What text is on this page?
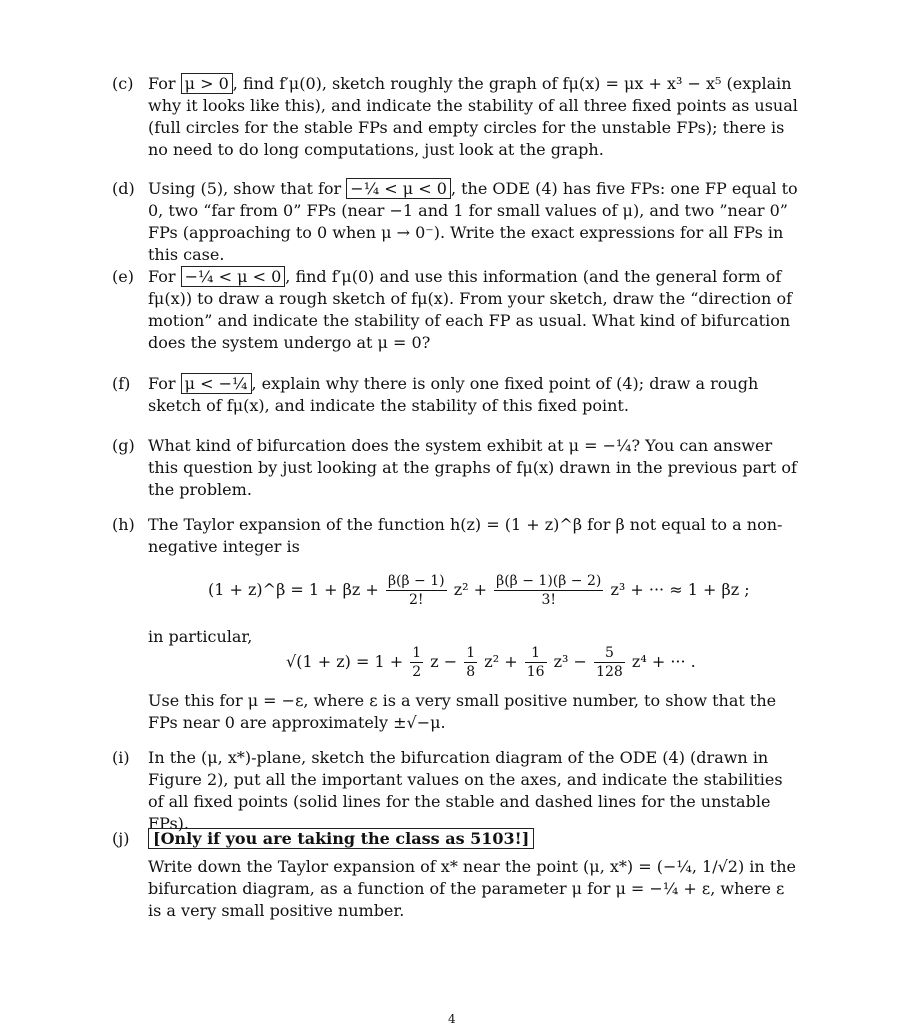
(c) For μ > 0 , find f′μ(0), sketch roughly the graph of fμ(x) = μx + x³ − x⁵ (explain why it looks like this), and indicate the stability of all three fixed points as usual (full circles for the stable FPs and empty circles for the unstable FPs); there is no need to do long computations, just look at the graph.
(d) Using (5), show that for −¼ < μ < 0 , the ODE (4) has five FPs: one FP equal to 0, two “far from 0” FPs (near −1 and 1 for small values of μ), and two ”near 0” FPs (approaching to 0 when μ → 0⁻). Write the exact expressions for all FPs in this case.
(e) For −¼ < μ < 0 , find f′μ(0) and use this information (and the general form of fμ(x)) to draw a rough sketch of fμ(x). From your sketch, draw the “direction of motion” and indicate the stability of each FP as usual. What kind of bifurcation does the system undergo at μ = 0?
(f)	For μ < −¼ , explain why there is only one fixed point of (4); draw a rough sketch of fμ(x), and indicate the stability of this fixed point.
(g) What kind of bifurcation does the system exhibit at μ = −¼? You can answer this question by just looking at the graphs of fμ(x) drawn in the previous part of the problem.
(h) The Taylor expansion of the function h(z) = (1 + z)^β for β not equal to a non-negative integer is
(1 + z)^β = $1 + \beta z + \frac{\beta(\beta - 1)}{2!} z^2 + \frac{\beta(\beta - 1)(\beta - 2)}{3!} z^3$ + ··· ≈ 1 + βz ;
in particular,
$√(1 + z) = 1 + \frac{1}{2}$ $z - \frac{1}{8} z^2 + \frac{1}{16} z^3 - \frac{5}{128} z^4$ + ··· .
Use this for μ = −ε, where ε is a very small positive number, to show that the FPs near 0 are approximately ±√−μ.
(i)	In the (μ, x*)-plane, sketch the bifurcation diagram of the ODE (4) (drawn in Figure 2), put all the important values on the axes, and indicate the stabilities of all fixed points (solid lines for the stable and dashed lines for the unstable FPs).
(j)	[Only if you are taking the class as 5103!]
Write down the Taylor expansion of x* near the point (μ, x*) = (−¼, 1/√2) in the bifurcation diagram, as a function of the parameter μ for μ = −¼ + ε, where ε is a very small positive number.
4
